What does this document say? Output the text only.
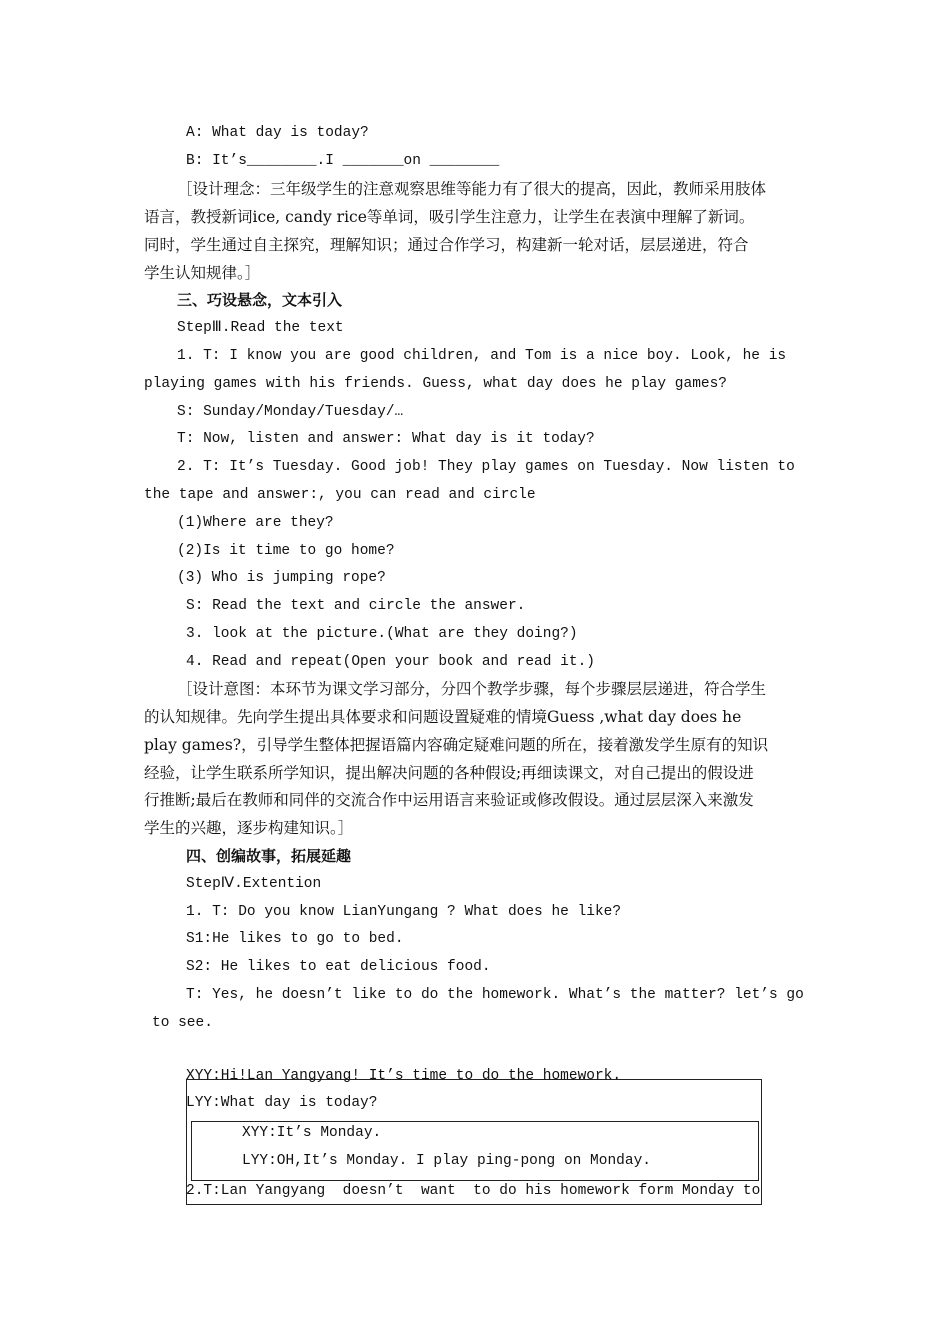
A: What day is today?
B: It’s________.I _______on ________
［设计理念：三年级学生的注意观察思维等能力有了很大的提高，因此，教师采用肢体
语言，教授新词ice, candy rice等单词，吸引学生注意力，让学生在表演中理解了新词。
同时，学生通过自主探究，理解知识；通过合作学习，构建新一轮对话，层层递进，符合
学生认知规律。］
三、巧设悬念，文本引入
StepⅢ.Read the text
1. T: I know you are good children, and Tom is a nice boy. Look, he is
playing games with his friends. Guess, what day does he play games?
S: Sunday/Monday/Tuesday/…
T: Now, listen and answer: What day is it today?
2. T: It’s Tuesday. Good job! They play games on Tuesday. Now listen to
the tape and answer:, you can read and circle
(1)Where are they?
(2)Is it time to go home?
(3) Who is jumping rope?
S: Read the text and circle the answer.
3. look at the picture.(What are they doing?)
4. Read and repeat(Open your book and read it.)
［设计意图：本环节为课文学习部分，分四个教学步骤，每个步骤层层递进，符合学生
的认知规律。先向学生提出具体要求和问题设置疑难的情境Guess ,what day does he
play games?，引导学生整体把握语篇内容确定疑难问题的所在，接着激发学生原有的知识
经验，让学生联系所学知识，提出解决问题的各种假设;再细读课文，对自己提出的假设进
行推断;最后在教师和同伴的交流合作中运用语言来验证或修改假设。通过层层深入来激发
学生的兴趣，逐步构建知识。］
四、创编故事，拓展延趣
StepⅣ.Extention
1. T: Do you know LianYungang ? What does he like?
S1:He likes to go to bed.
S2: He likes to eat delicious food.
T: Yes, he doesn’t like to do the homework. What’s the matter? let’s go
to see.
XYY:Hi!Lan Yangyang! It’s time to do the homework.
LYY:What day is today?
XYY:It’s Monday.
LYY:OH,It’s Monday. I play ping-pong on Monday.
2.T:Lan Yangyang  doesn’t  want  to do his homework form Monday to
